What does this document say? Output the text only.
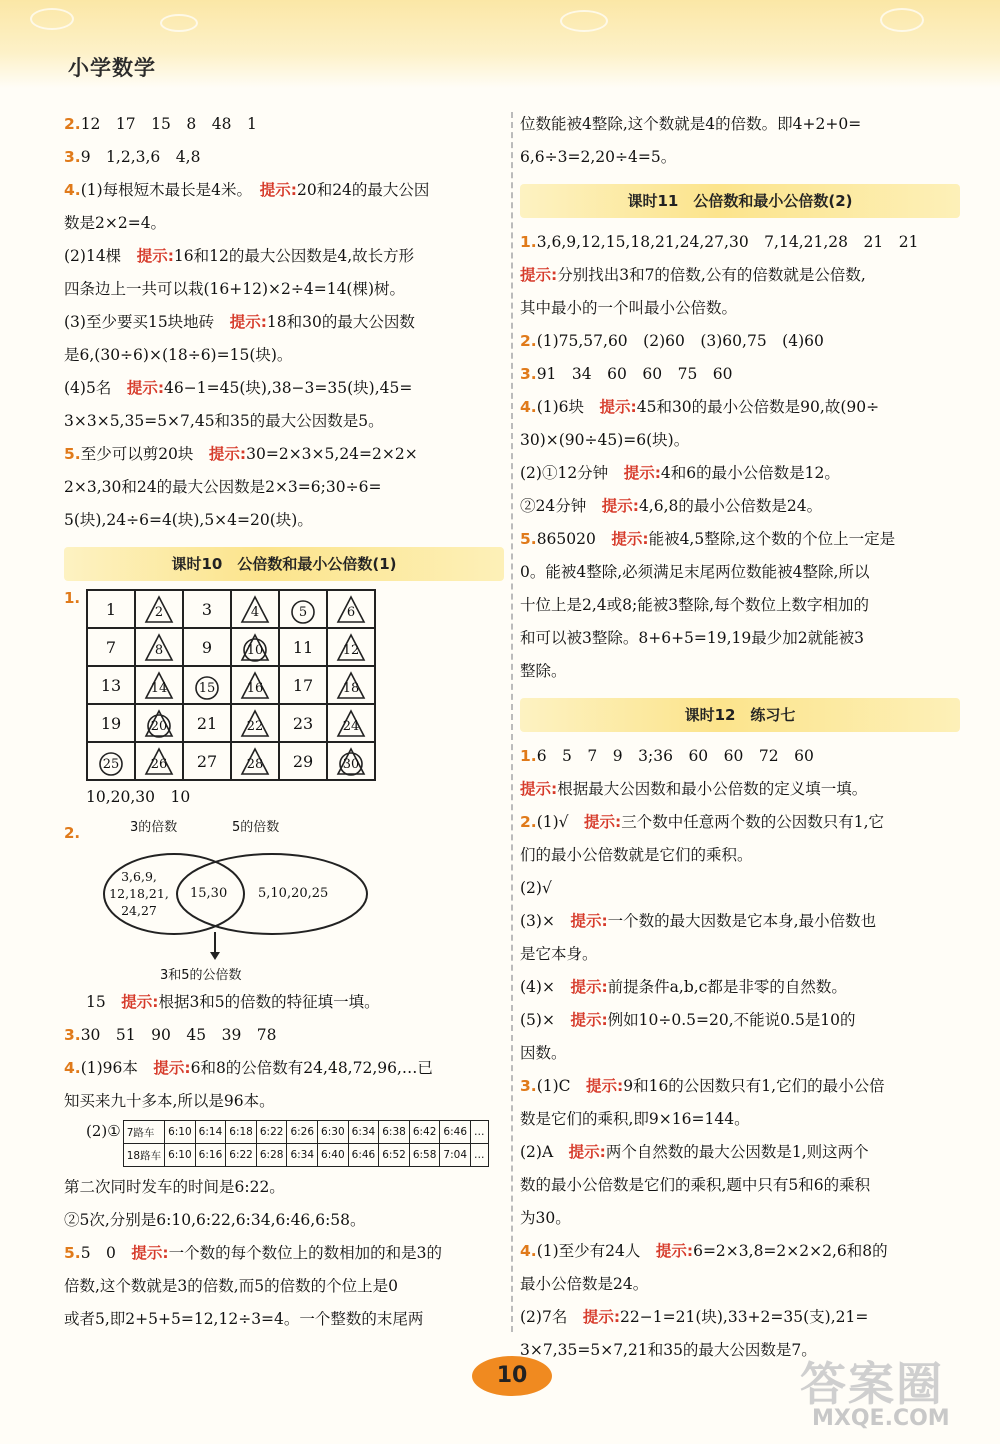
小学数学
2.12　17　15　8　48　1
3.9　1,2,3,6　4,8
4.(1)每根短木最长是4米。　提示:20和24的最大公因
数是2×2=4。
(2)14棵　提示:16和12的最大公因数是4,故长方形
四条边上一共可以栽(16+12)×2÷4=14(棵)树。
(3)至少要买15块地砖　提示:18和30的最大公因数
是6,(30÷6)×(18÷6)=15(块)。
(4)5名　提示:46−1=45(块),38−3=35(块),45=
3×3×5,35=5×7,45和35的最大公因数是5。
5.至少可以剪20块　提示:30=2×3×5,24=2×2×
2×3,30和24的最大公因数是2×3=6;30÷6=
5(块),24÷6=4(块),5×4=20(块)。
课时10　公倍数和最小公倍数(1)
1.
1	2	3	4	5	6

7	8	9	10	11	12

13	14	15	16	17	18

19	20	21	22	23	24

25	26	27	28	29	30
10,20,30　10
2.	3的倍数	5的倍数
3,6,9,
12,18,21,
24,27
15,30 5,10,20,25
3和5的公倍数
15　提示:根据3和5的倍数的特征填一填。
3.30　51　90　45　39　78
4.(1)96本　提示:6和8的公倍数有24,48,72,96,…已
知买来九十多本,所以是96本。
(2)① 7路车	6:10	6:14	6:18	6:22	6:26	6:30	6:34	6:38	6:42	6:46	…
18路车	6:10	6:16	6:22	6:28	6:34	6:40	6:46	6:52	6:58	7:04	…
第二次同时发车的时间是6:22。
②5次,分别是6:10,6:22,6:34,6:46,6:58。
5.5　0　提示:一个数的每个数位上的数相加的和是3的
倍数,这个数就是3的倍数,而5的倍数的个位上是0
或者5,即2+5+5=12,12÷3=4。一个整数的末尾两
位数能被4整除,这个数就是4的倍数。即4+2+0=
6,6÷3=2,20÷4=5。
课时11　公倍数和最小公倍数(2)
1.3,6,9,12,15,18,21,24,27,30　7,14,21,28　21　21
提示:分别找出3和7的倍数,公有的倍数就是公倍数,
其中最小的一个叫最小公倍数。
2.(1)75,57,60　(2)60　(3)60,75　(4)60
3.91　34　60　60　75　60
4.(1)6块　提示:45和30的最小公倍数是90,故(90÷
30)×(90÷45)=6(块)。
(2)①12分钟　提示:4和6的最小公倍数是12。
②24分钟　提示:4,6,8的最小公倍数是24。
5.865020　提示:能被4,5整除,这个数的个位上一定是
0。能被4整除,必须满足末尾两位数能被4整除,所以
十位上是2,4或8;能被3整除,每个数位上数字相加的
和可以被3整除。8+6+5=19,19最少加2就能被3
整除。
课时12　练习七
1.6　5　7　9　3;36　60　60　72　60
提示:根据最大公因数和最小公倍数的定义填一填。
2.(1)√　提示:三个数中任意两个数的公因数只有1,它
们的最小公倍数就是它们的乘积。
(2)√
(3)×　提示:一个数的最大因数是它本身,最小倍数也
是它本身。
(4)×　提示:前提条件a,b,c都是非零的自然数。
(5)×　提示:例如10÷0.5=20,不能说0.5是10的
因数。
3.(1)C　提示:9和16的公因数只有1,它们的最小公倍
数是它们的乘积,即9×16=144。
(2)A　提示:两个自然数的最大公因数是1,则这两个
数的最小公倍数是它们的乘积,题中只有5和6的乘积
为30。
4.(1)至少有24人　提示:6=2×3,8=2×2×2,6和8的
最小公倍数是24。
(2)7名　提示:22−1=21(块),33+2=35(支),21=
3×7,35=5×7,21和35的最大公因数是7。
10	答案圈
MXQE.COM
